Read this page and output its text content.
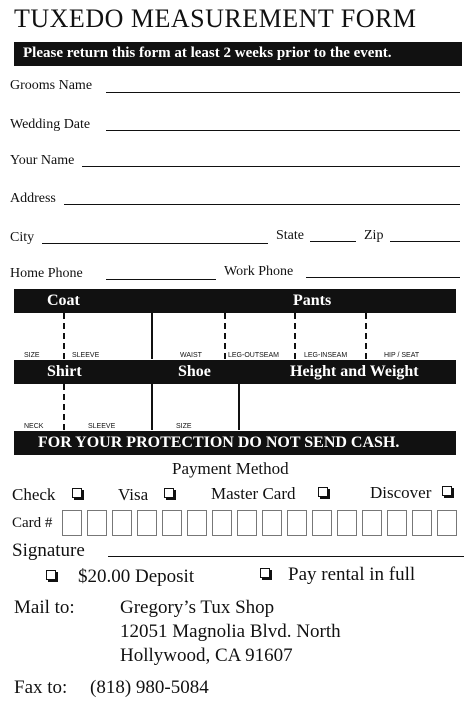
TUXEDO MEASUREMENT FORM
Please return this form at least 2 weeks prior to the event.
Grooms Name
Wedding Date
Your Name
Address
City	State	Zip
Home Phone	Work Phone
Coat	Pants
SIZE	SLEEVE	WAIST	LEG-OUTSEAM	LEG-INSEAM	HIP / SEAT
Shirt	Shoe	Height and Weight
NECK	SLEEVE	SIZE
FOR YOUR PROTECTION DO NOT SEND CASH.
Payment Method
Check	Visa	Master Card	Discover
Card #
Signature
$20.00 Deposit	Pay rental in full
Mail to: Gregory’s Tux Shop
12051 Magnolia Blvd. North
Hollywood, CA 91607
Fax to: (818) 980-5084
